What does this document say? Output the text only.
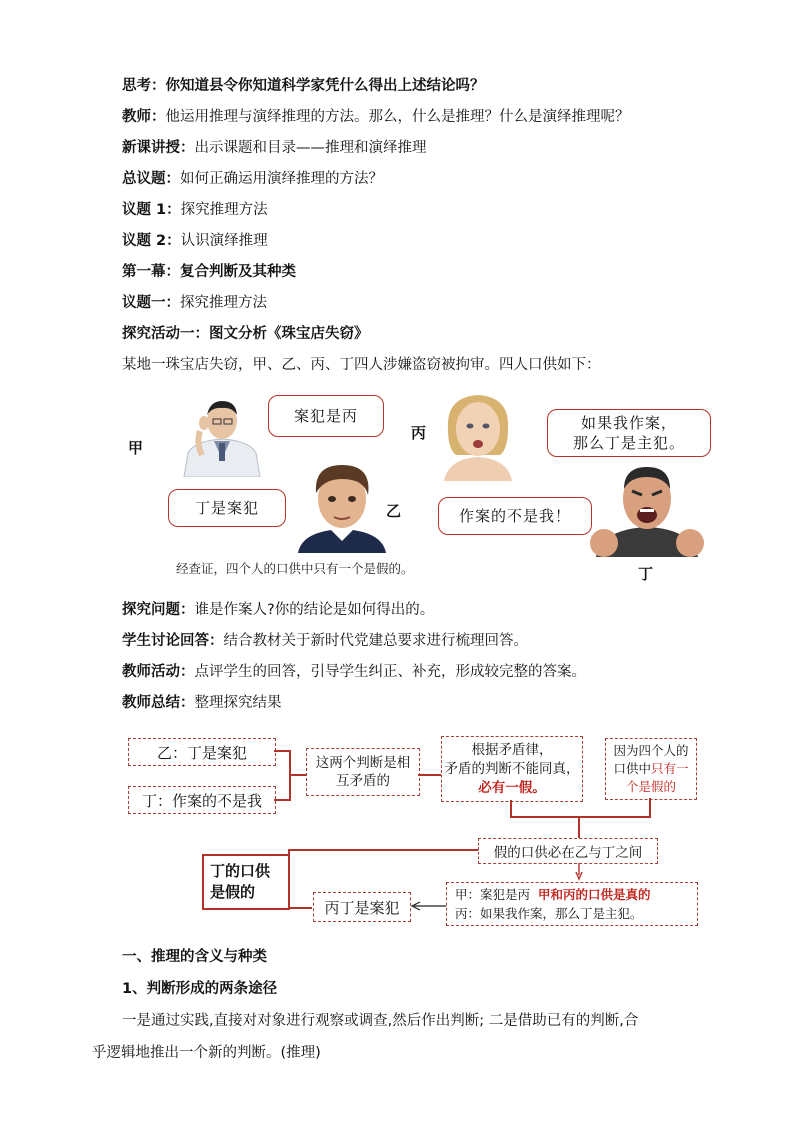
思考：你知道县令你知道科学家凭什么得出上述结论吗？
教师：他运用推理与演绎推理的方法。那么，什么是推理？什么是演绎推理呢？
新课讲授：出示课题和目录——推理和演绎推理
总议题：如何正确运用演绎推理的方法？
议题 1：探究推理方法
议题 2：认识演绎推理
第一幕：复合判断及其种类
议题一：探究推理方法
探究活动一：图文分析《珠宝店失窃》
某地一珠宝店失窃，甲、乙、丙、丁四人涉嫌盗窃被拘审。四人口供如下：
甲
案犯是丙
丙
如果我作案，
那么丁是主犯。
丁是案犯	乙	作案的不是我！
丁
经查证，四个人的口供中只有一个是假的。
探究问题：谁是作案人?你的结论是如何得出的。
学生讨论回答：结合教材关于新时代党建总要求进行梳理回答。
教师活动：点评学生的回答，引导学生纠正、补充，形成较完整的答案。
教师总结：整理探究结果
乙：丁是案犯
丁：作案的不是我
这两个判断是相
互矛盾的
根据矛盾律，
矛盾的判断不能同真，
必有一假。
因为四个人的
口供中只有一
个是假的
假的口供必在乙与丁之间
丁的口供
是假的
丙丁是案犯
甲：案犯是丙 甲和丙的口供是真的
丙：如果我作案，那么丁是主犯。
一、推理的含义与种类
1、判断形成的两条途径
一是通过实践,直接对对象进行观察或调查,然后作出判断; 二是借助已有的判断,合
乎逻辑地推出一个新的判断。(推理)
